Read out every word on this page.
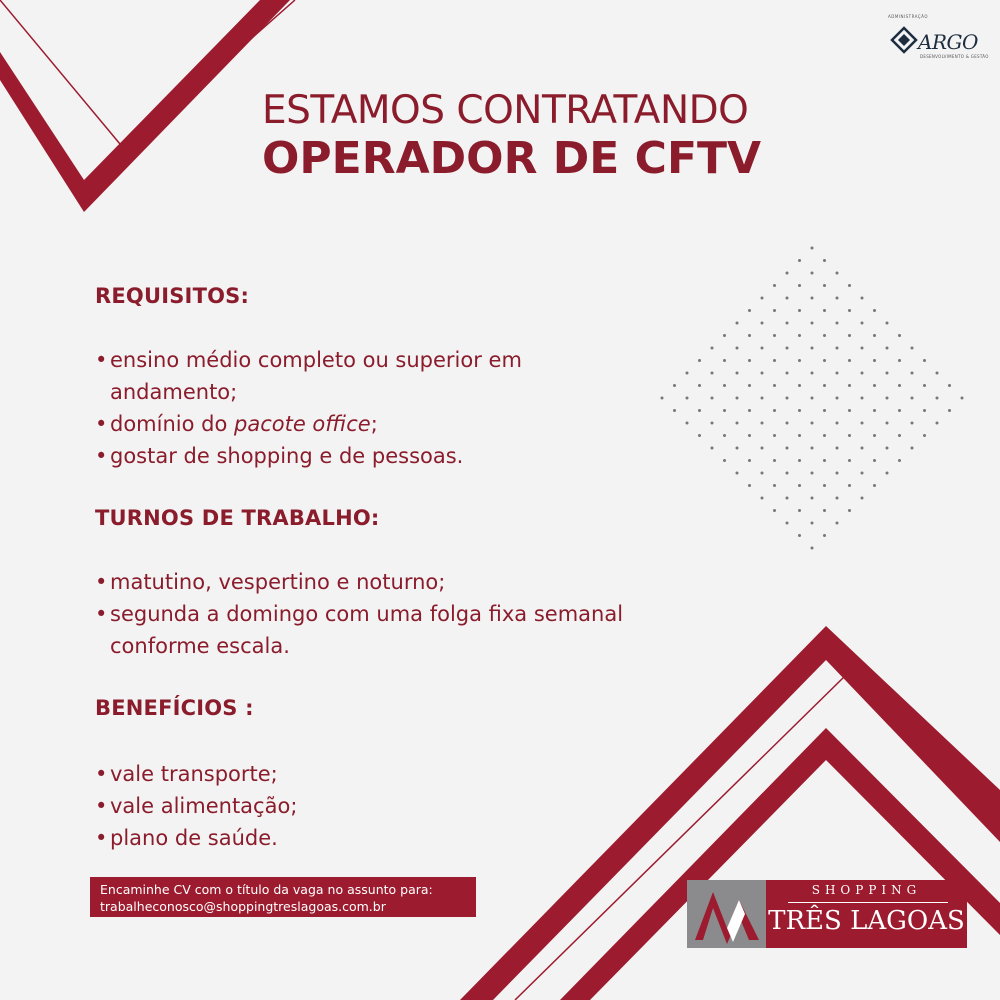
ADMINISTRAÇÃO
ARGO
DESENVOLVIMENTO & GESTÃO
ESTAMOS CONTRATANDO
OPERADOR DE CFTV
REQUISITOS:
• ensino médio completo ou superior em
andamento;
• domínio do pacote office;
• gostar de shopping e de pessoas.
TURNOS DE TRABALHO:
• matutino, vespertino e noturno;
• segunda a domingo com uma folga fixa semanal
conforme escala.
BENEFÍCIOS :
• vale transporte;
• vale alimentação;
• plano de saúde.
Encaminhe CV com o título da vaga no assunto para:
trabalheconosco@shoppingtreslagoas.com.br
SHOPPING
TRÊS LAGOAS
